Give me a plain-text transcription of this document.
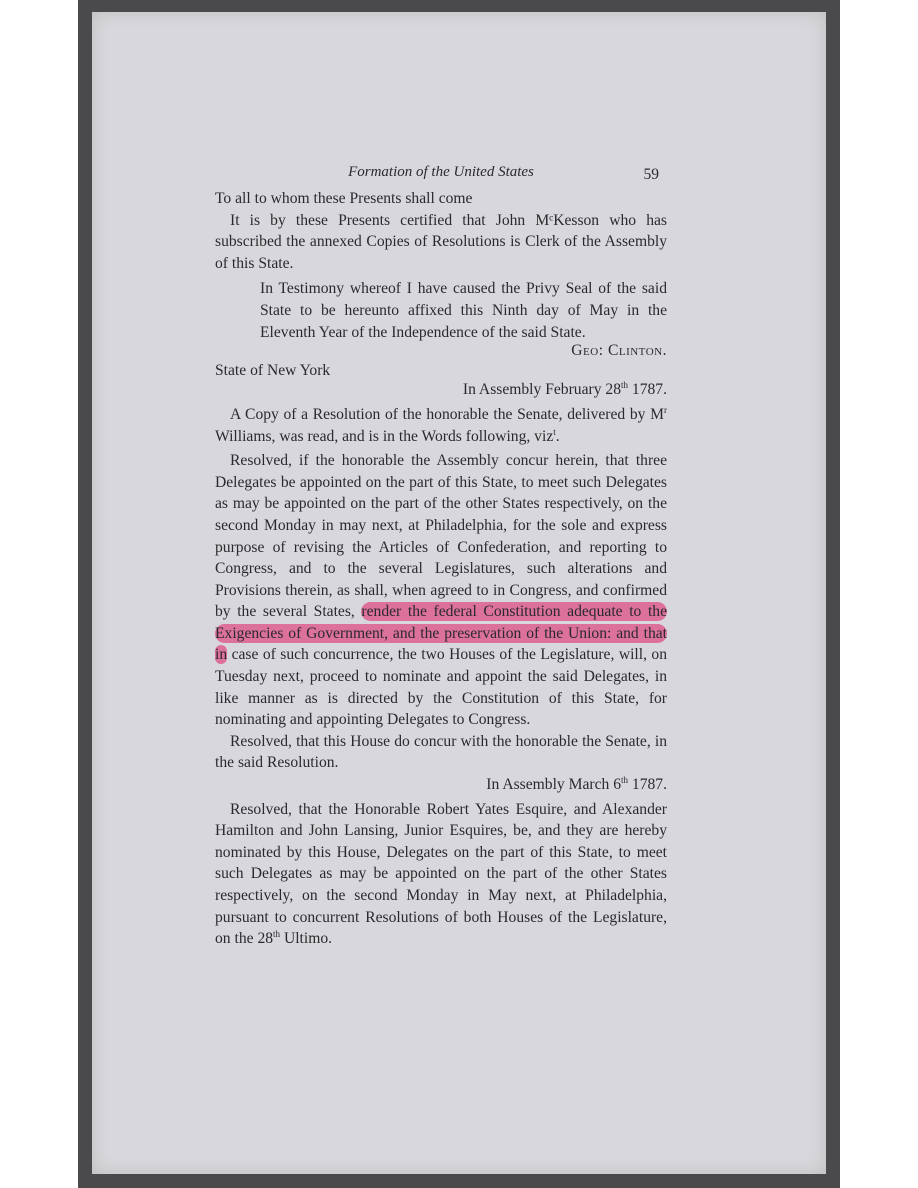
Formation of the United States	59

To all to whom these Presents shall come

It is by these Presents certified that John MᶜKesson who has subscribed the annexed Copies of Resolutions is Clerk of the Assembly of this State.

In Testimony whereof I have caused the Privy Seal of the said State to be hereunto affixed this Ninth day of May in the Eleventh Year of the Independence of the said State.

Geo: Clinton.

State of New York

In Assembly February 28th 1787.

A Copy of a Resolution of the honorable the Senate, delivered by $M^r$ Williams, was read, and is in the Words following, viz$^t$.

Resolved, if the honorable the Assembly concur herein, that three Delegates be appointed on the part of this State, to meet such Delegates as may be appointed on the part of the other States respectively, on the second Monday in may next, at Philadelphia, for the sole and express purpose of revising the Articles of Confederation, and reporting to Congress, and to the several Legislatures, such alterations and Provisions therein, as shall, when agreed to in Congress, and confirmed by the several States, render the federal Constitution adequate to the Exigencies of Government, and the preservation of the Union: and that in case of such concurrence, the two Houses of the Legislature, will, on Tuesday next, proceed to nominate and appoint the said Delegates, in like manner as is directed by the Constitution of this State, for nominating and appointing Delegates to Congress.

Resolved, that this House do concur with the honorable the Senate, in the said Resolution.

In Assembly March 6th 1787.

Resolved, that the Honorable Robert Yates Esquire, and Alexander Hamilton and John Lansing, Junior Esquires, be, and they are hereby nominated by this House, Delegates on the part of this State, to meet such Delegates as may be appointed on the part of the other States respectively, on the second Monday in May next, at Philadelphia, pursuant to concurrent Resolutions of both Houses of the Legislature, on the 28th Ultimo.
